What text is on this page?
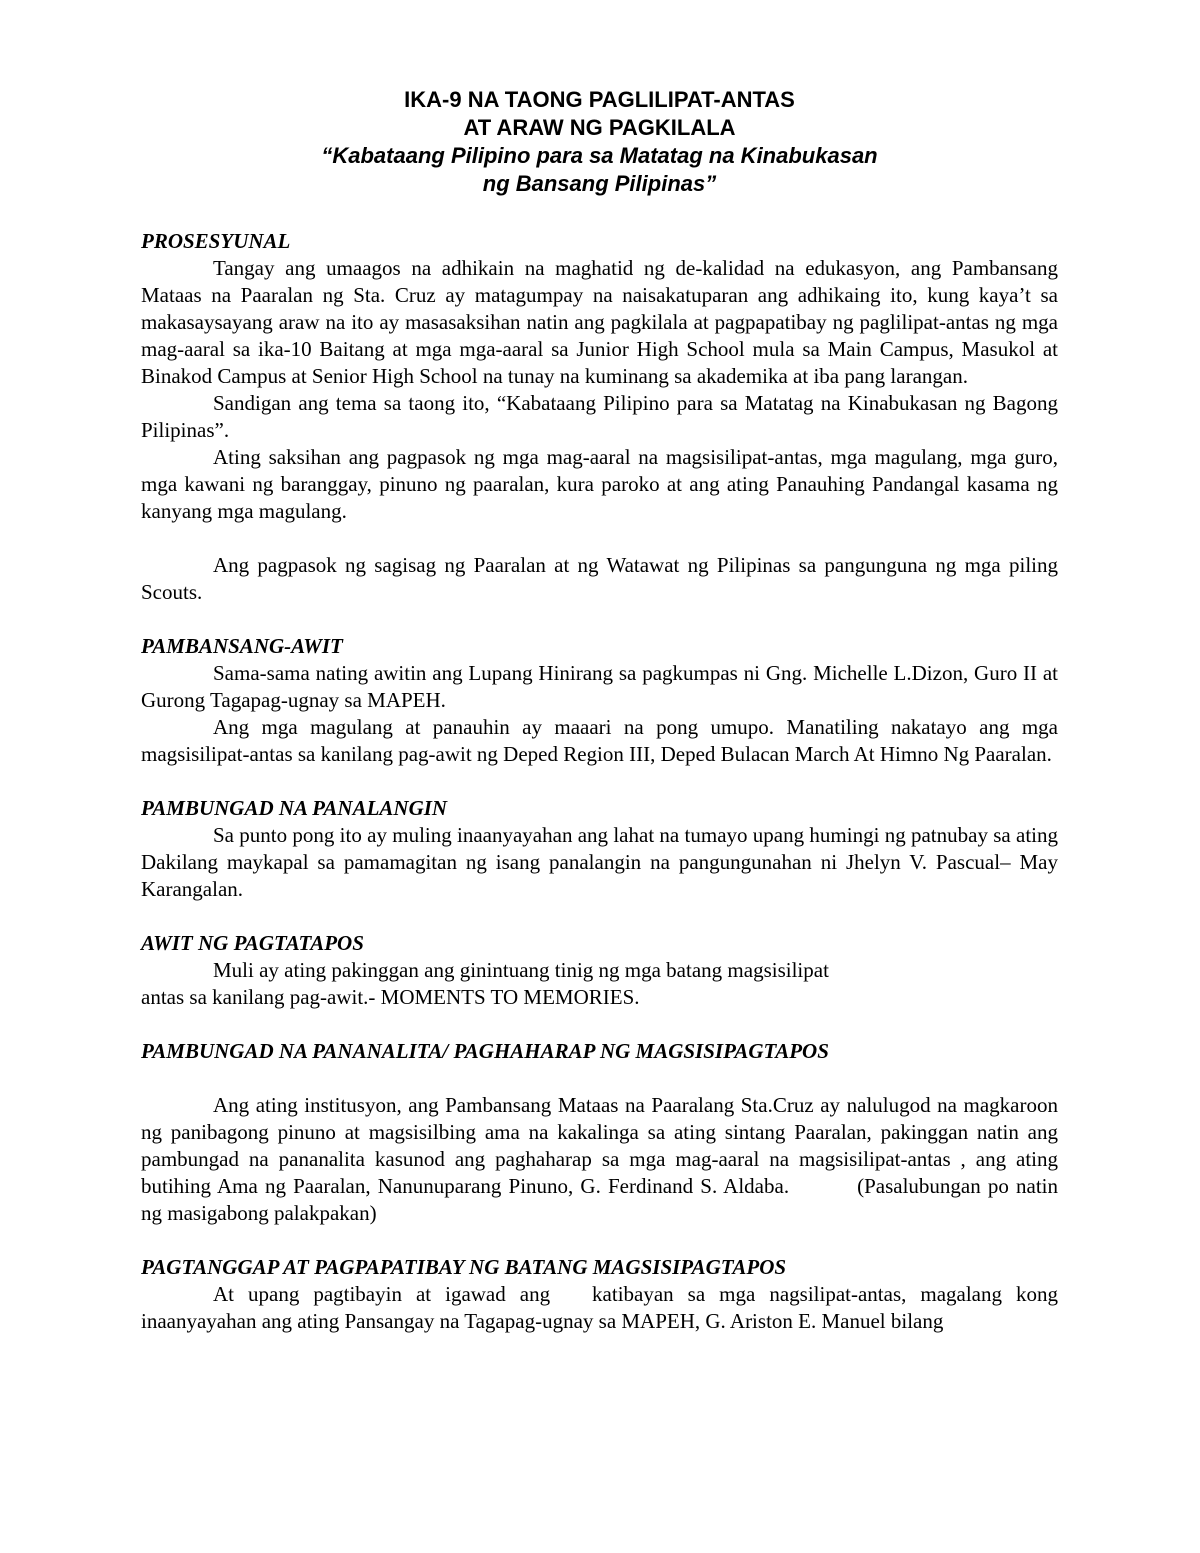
IKA-9 NA TAONG PAGLILIPAT-ANTAS

AT ARAW NG PAGKILALA

“Kabataang Pilipino para sa Matatag na Kinabukasan

ng Bansang Pilipinas”

PROSESYUNAL

Tangay ang umaagos na adhikain na maghatid ng de-kalidad na edukasyon, ang Pambansang Mataas na Paaralan ng Sta. Cruz ay matagumpay na naisakatuparan ang adhikaing ito, kung kaya’t sa makasaysayang araw na ito ay masasaksihan natin ang pagkilala at pagpapatibay ng paglilipat-antas ng mga mag-aaral sa ika-10 Baitang at mga mga-aaral sa Junior High School mula sa Main Campus, Masukol at Binakod Campus at Senior High School na tunay na kuminang sa akademika at iba pang larangan.

Sandigan ang tema sa taong ito, “Kabataang Pilipino para sa Matatag na Kinabukasan ng Bagong Pilipinas”.

Ating saksihan ang pagpasok ng mga mag-aaral na magsisilipat-antas, mga magulang, mga guro, mga kawani ng baranggay, pinuno ng paaralan, kura paroko at ang ating Panauhing Pandangal kasama ng kanyang mga magulang.

Ang pagpasok ng sagisag ng Paaralan at ng Watawat ng Pilipinas sa pangunguna ng mga piling Scouts.

PAMBANSANG-AWIT

Sama-sama nating awitin ang Lupang Hinirang sa pagkumpas ni Gng. Michelle L.Dizon, Guro II at Gurong Tagapag-ugnay sa MAPEH.

Ang mga magulang at panauhin ay maaari na pong umupo. Manatiling nakatayo ang mga magsisilipat-antas sa kanilang pag-awit ng Deped Region III, Deped Bulacan March At Himno Ng Paaralan.

PAMBUNGAD NA PANALANGIN

Sa punto pong ito ay muling inaanyayahan ang lahat na tumayo upang humingi ng patnubay sa ating Dakilang maykapal sa pamamagitan ng isang panalangin na pangungunahan ni Jhelyn V. Pascual– May Karangalan.

AWIT NG PAGTATAPOS

Muli ay ating pakinggan ang ginintuang tinig ng mga batang magsisilipat

antas sa kanilang pag-awit.- MOMENTS TO MEMORIES.

PAMBUNGAD NA PANANALITA/ PAGHAHARAP NG MAGSISIPAGTAPOS

Ang ating institusyon, ang Pambansang Mataas na Paaralang Sta.Cruz ay nalulugod na magkaroon ng panibagong pinuno at magsisilbing ama na kakalinga sa ating sintang Paaralan, pakinggan natin ang pambungad na pananalita kasunod ang paghaharap sa mga mag-aaral na magsisilipat-antas , ang ating butihing Ama ng Paaralan, Nanunuparang Pinuno, G. Ferdinand S. Aldaba.	(Pasalubungan po natin ng masigabong palakpakan)

PAGTANGGAP AT PAGPAPATIBAY NG BATANG MAGSISIPAGTAPOS

At upang pagtibayin at igawad ang   katibayan sa mga nagsilipat-antas, magalang kong inaanyayahan ang ating Pansangay na Tagapag-ugnay sa MAPEH, G. Ariston E. Manuel bilang
